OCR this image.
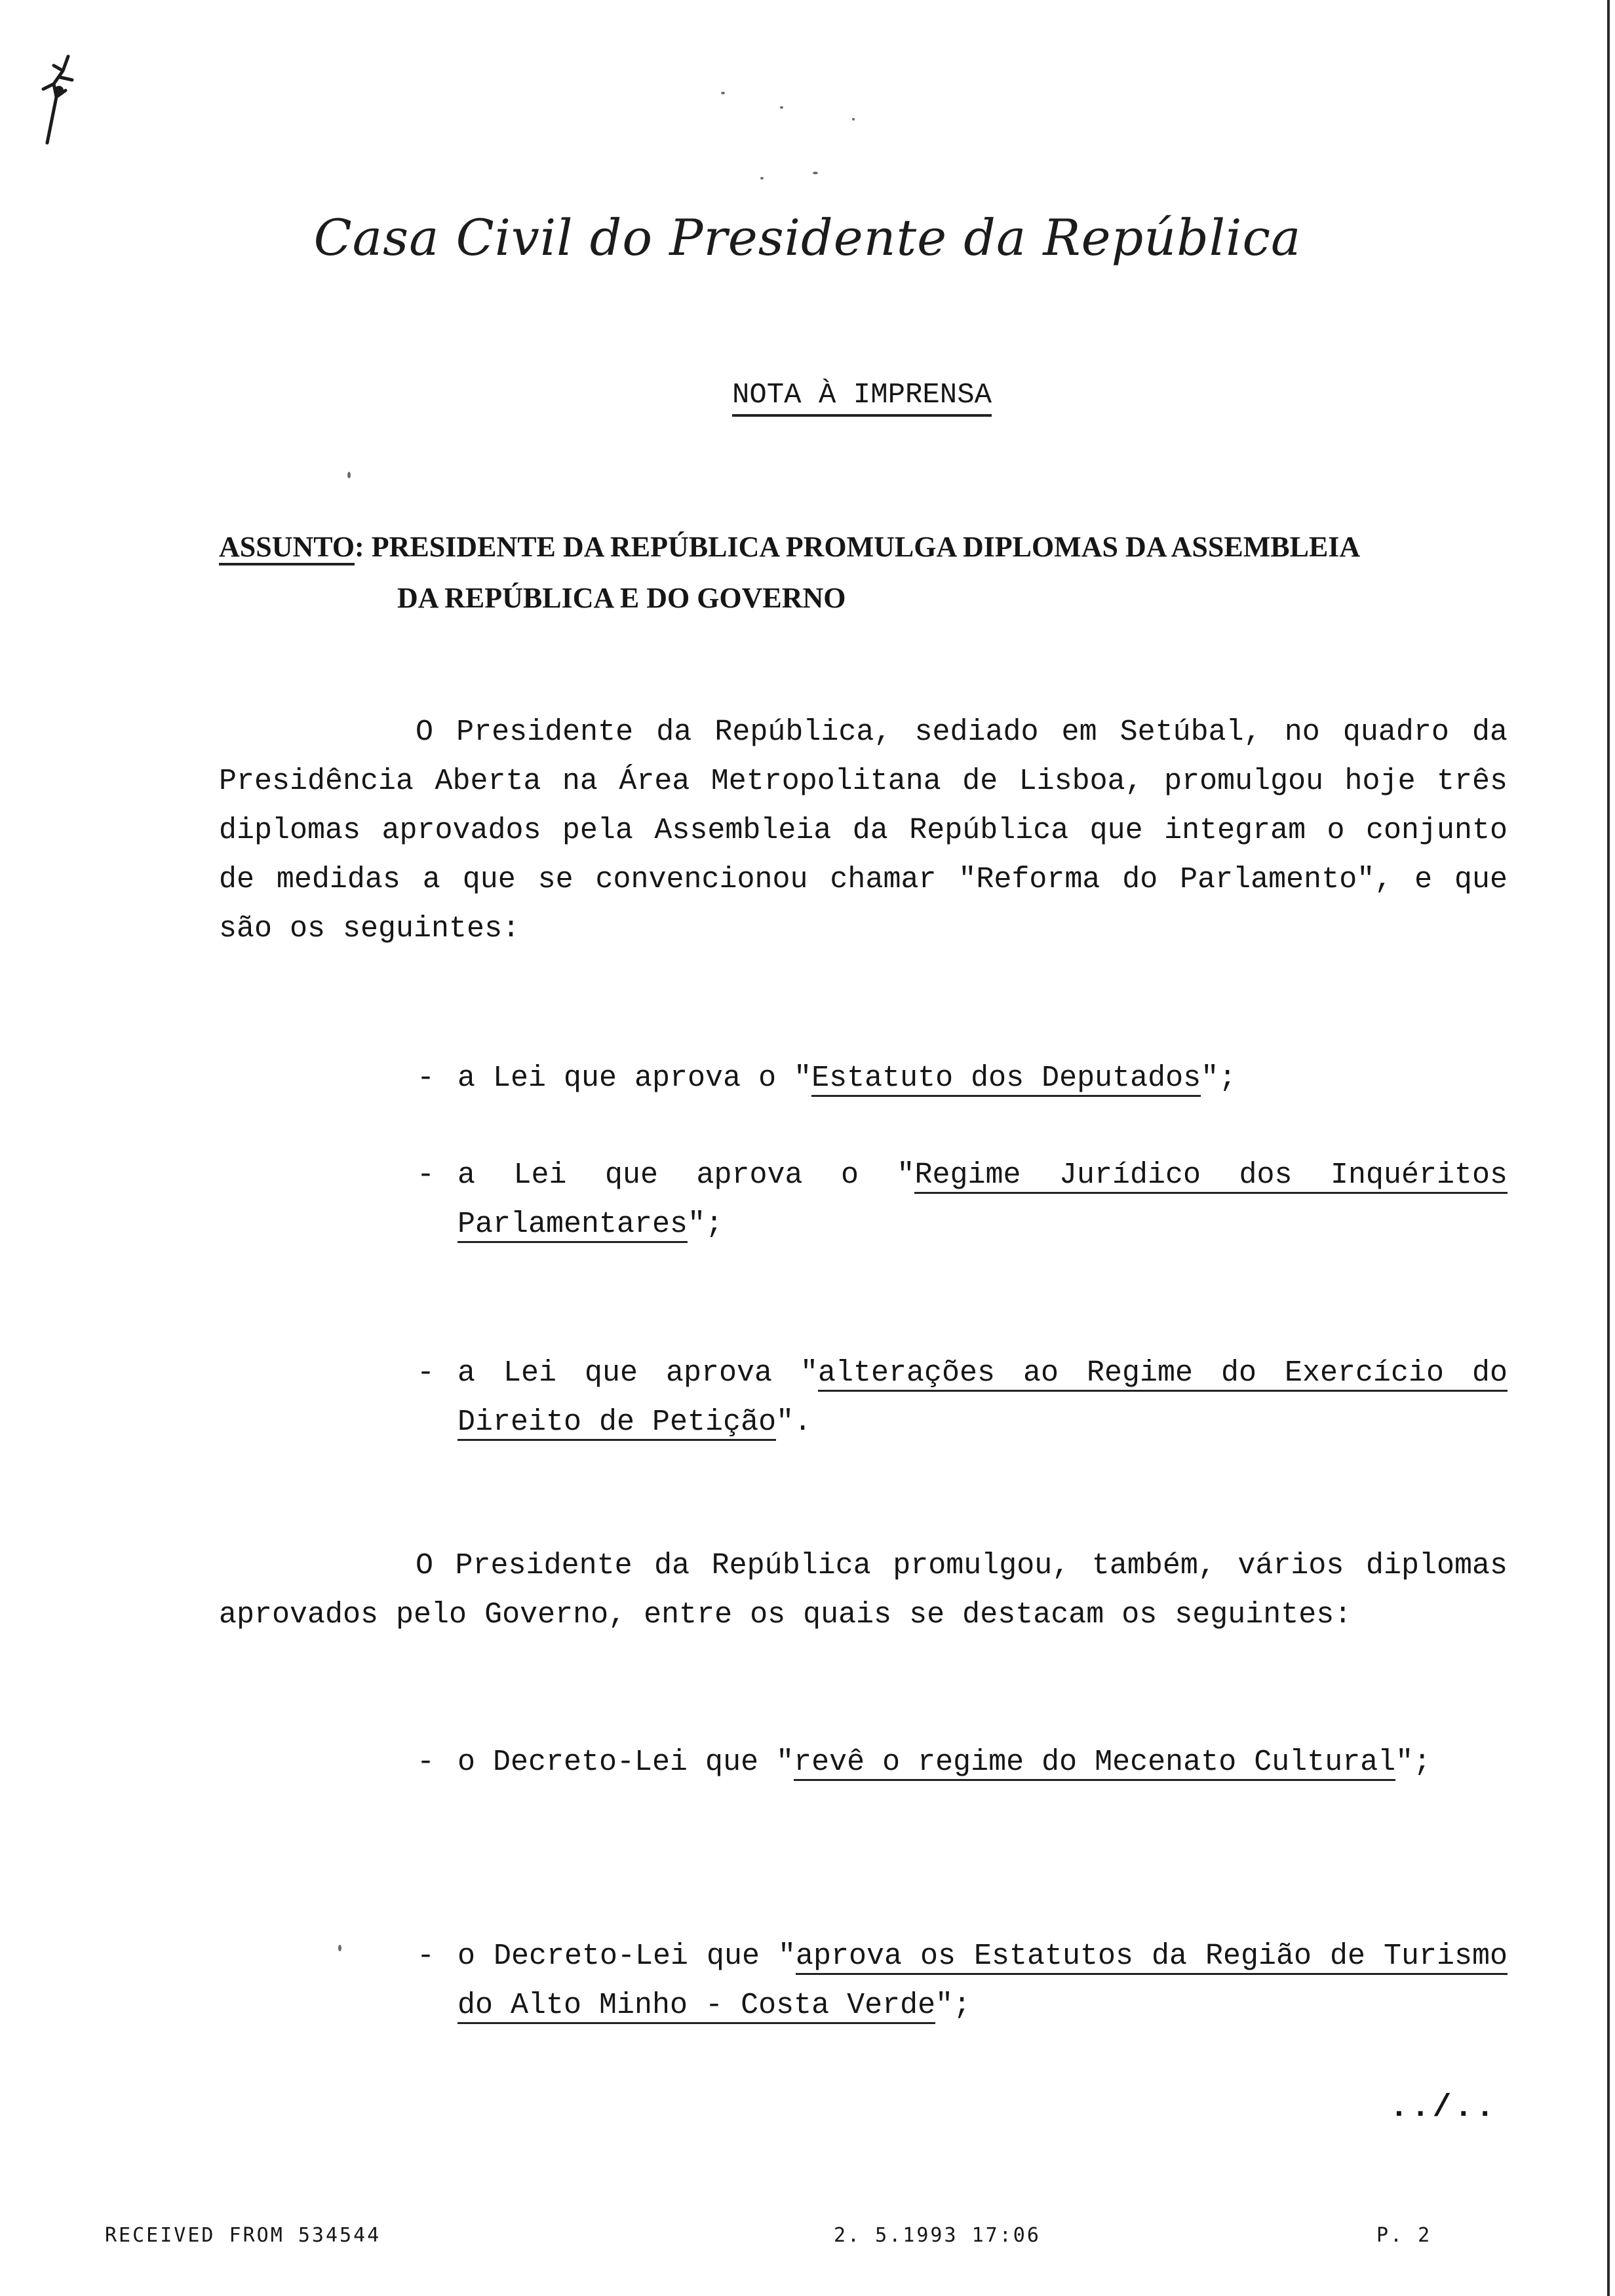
Casa Civil do Presidente da República
NOTA À IMPRENSA
ASSUNTO: PRESIDENTE DA REPÚBLICA PROMULGA DIPLOMAS DA ASSEMBLEIA
DA REPÚBLICA E DO GOVERNO
O Presidente da República, sediado em Setúbal, no quadro da Presidência Aberta na Área Metropolitana de Lisboa, promulgou hoje três diplomas aprovados pela Assembleia da República que integram o conjunto de medidas a que se convencionou chamar "Reforma do Parlamento", e que são os seguintes:
- a Lei que aprova o "Estatuto dos Deputados";
- a Lei que aprova o "Regime Jurídico dos Inquéritos Parlamentares";
- a Lei que aprova "alterações ao Regime do Exercício do Direito de Petição".
O Presidente da República promulgou, também, vários diplomas aprovados pelo Governo, entre os quais se destacam os seguintes:
- o Decreto-Lei que "revê o regime do Mecenato Cultural";
- o Decreto-Lei que "aprova os Estatutos da Região de Turismo do Alto Minho - Costa Verde";
../..
RECEIVED FROM 534544	2. 5.1993 17:06	P. 2
